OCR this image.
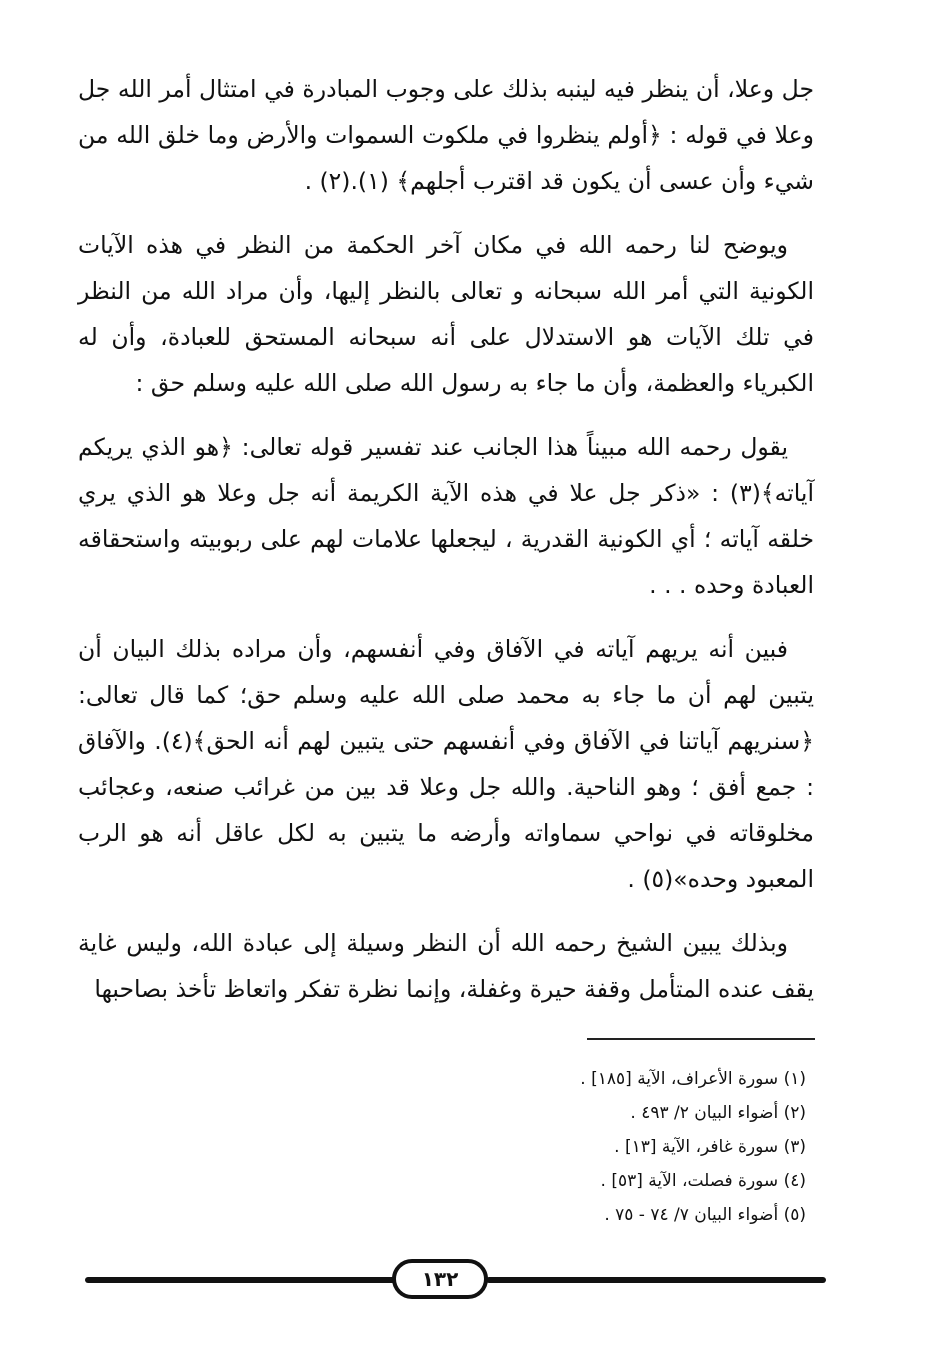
جل وعلا، أن ينظر فيه لينبه بذلك على وجوب المبادرة في امتثال أمر الله جل وعلا في قوله : ﴿أولم ينظروا في ملكوت السموات والأرض وما خلق الله من شيء وأن عسى أن يكون قد اقترب أجلهم﴾ (١).(٢) .

ويوضح لنا رحمه الله في مكان آخر الحكمة من النظر في هذه الآيات الكونية التي أمر الله سبحانه و تعالى بالنظر إليها، وأن مراد الله من النظر في تلك الآيات هو الاستدلال على أنه سبحانه المستحق للعبادة، وأن له الكبرياء والعظمة، وأن ما جاء به رسول الله صلى الله عليه وسلم حق :

يقول رحمه الله مبيناً هذا الجانب عند تفسير قوله تعالى: ﴿هو الذي يريكم آياته﴾(٣) : «ذكر جل علا في هذه الآية الكريمة أنه جل وعلا هو الذي يري خلقه آياته ؛ أي الكونية القدرية ، ليجعلها علامات لهم على ربوبيته واستحقاقه العبادة وحده . . .

فبين أنه يريهم آياته في الآفاق وفي أنفسهم، وأن مراده بذلك البيان أن يتبين لهم أن ما جاء به محمد صلى الله عليه وسلم حق؛ كما قال تعالى: ﴿سنريهم آياتنا في الآفاق وفي أنفسهم حتى يتبين لهم أنه الحق﴾(٤). والآفاق : جمع أفق ؛ وهو الناحية. والله جل وعلا قد بين من غرائب صنعه، وعجائب مخلوقاته في نواحي سماواته وأرضه ما يتبين به لكل عاقل أنه هو الرب المعبود وحده»(٥) .

وبذلك يبين الشيخ رحمه الله أن النظر وسيلة إلى عبادة الله، وليس غاية يقف عنده المتأمل وقفة حيرة وغفلة، وإنما نظرة تفكر واتعاظ تأخذ بصاحبها

(١) سورة الأعراف، الآية [١٨٥] .

(٢) أضواء البيان ٢/ ٤٩٣ .

(٣) سورة غافر، الآية [١٣] .

(٤) سورة فصلت، الآية [٥٣] .

(٥) أضواء البيان ٧/ ٧٤ - ٧٥ .

١٣٢
